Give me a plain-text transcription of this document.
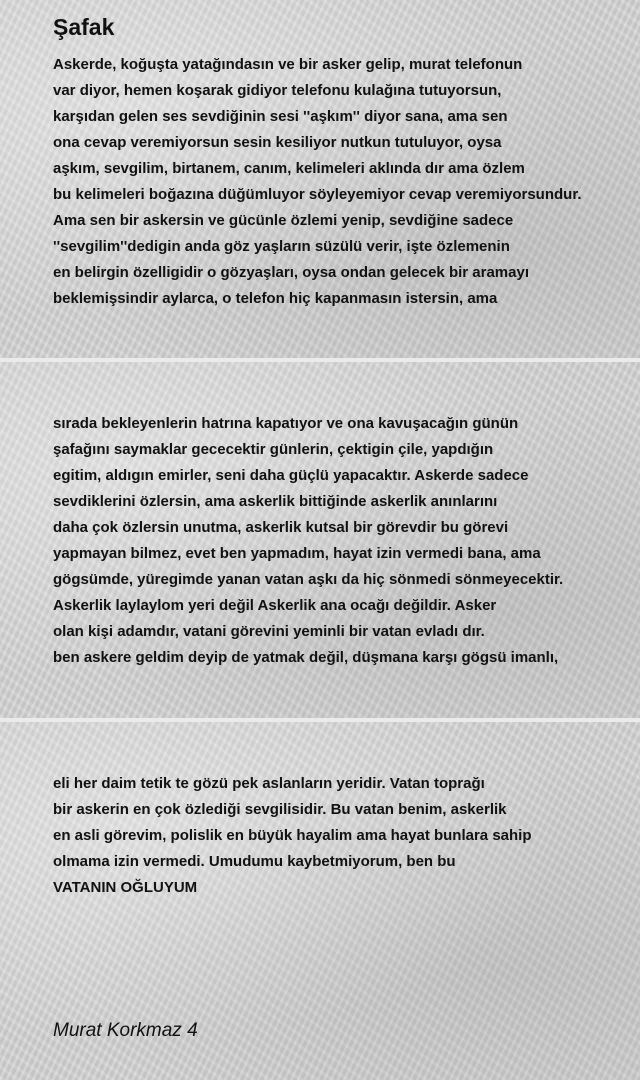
Şafak

Askerde, koğuşta yatağındasın ve bir asker gelip, murat telefonun
var diyor, hemen koşarak gidiyor telefonu kulağına tutuyorsun,
karşıdan gelen ses sevdiğinin sesi ''aşkım'' diyor sana, ama sen
ona cevap veremiyorsun sesin kesiliyor nutkun tutuluyor, oysa
aşkım, sevgilim, birtanem, canım, kelimeleri aklında dır ama özlem
bu kelimeleri boğazına düğümluyor söyleyemiyor cevap veremiyorsundur.
Ama sen bir askersin ve gücünle özlemi yenip, sevdiğine sadece
''sevgilim''dedigin anda göz yaşların süzülü verir, işte özlemenin
en belirgin özelligidir o gözyaşları, oysa ondan gelecek bir aramayı
beklemişsindir aylarca, o telefon hiç kapanmasın istersin, ama

sırada bekleyenlerin hatrına kapatıyor ve ona kavuşacağın günün
şafağını saymaklar gececektir günlerin, çektigin çile, yapdığın
egitim, aldıgın emirler, seni daha güçlü yapacaktır. Askerde sadece
sevdiklerini özlersin, ama askerlik bittiğinde askerlik anınlarını
daha çok özlersin unutma, askerlik kutsal bir görevdir bu görevi
yapmayan bilmez, evet ben yapmadım, hayat izin vermedi bana, ama
gögsümde, yüregimde yanan vatan aşkı da hiç sönmedi sönmeyecektir.
Askerlik laylaylom yeri değil Askerlik ana ocağı değildir. Asker
olan kişi adamdır, vatani görevini yeminli bir vatan evladı dır.
ben askere geldim deyip de yatmak değil, düşmana karşı gögsü imanlı,

eli her daim tetik te gözü pek aslanların yeridir. Vatan toprağı
bir askerin en çok özlediği sevgilisidir. Bu vatan benim, askerlik
en asli görevim, polislik en büyük hayalim ama hayat bunlara sahip
olmama izin vermedi. Umudumu kaybetmiyorum, ben bu
VATANIN OĞLUYUM

Murat Korkmaz 4
